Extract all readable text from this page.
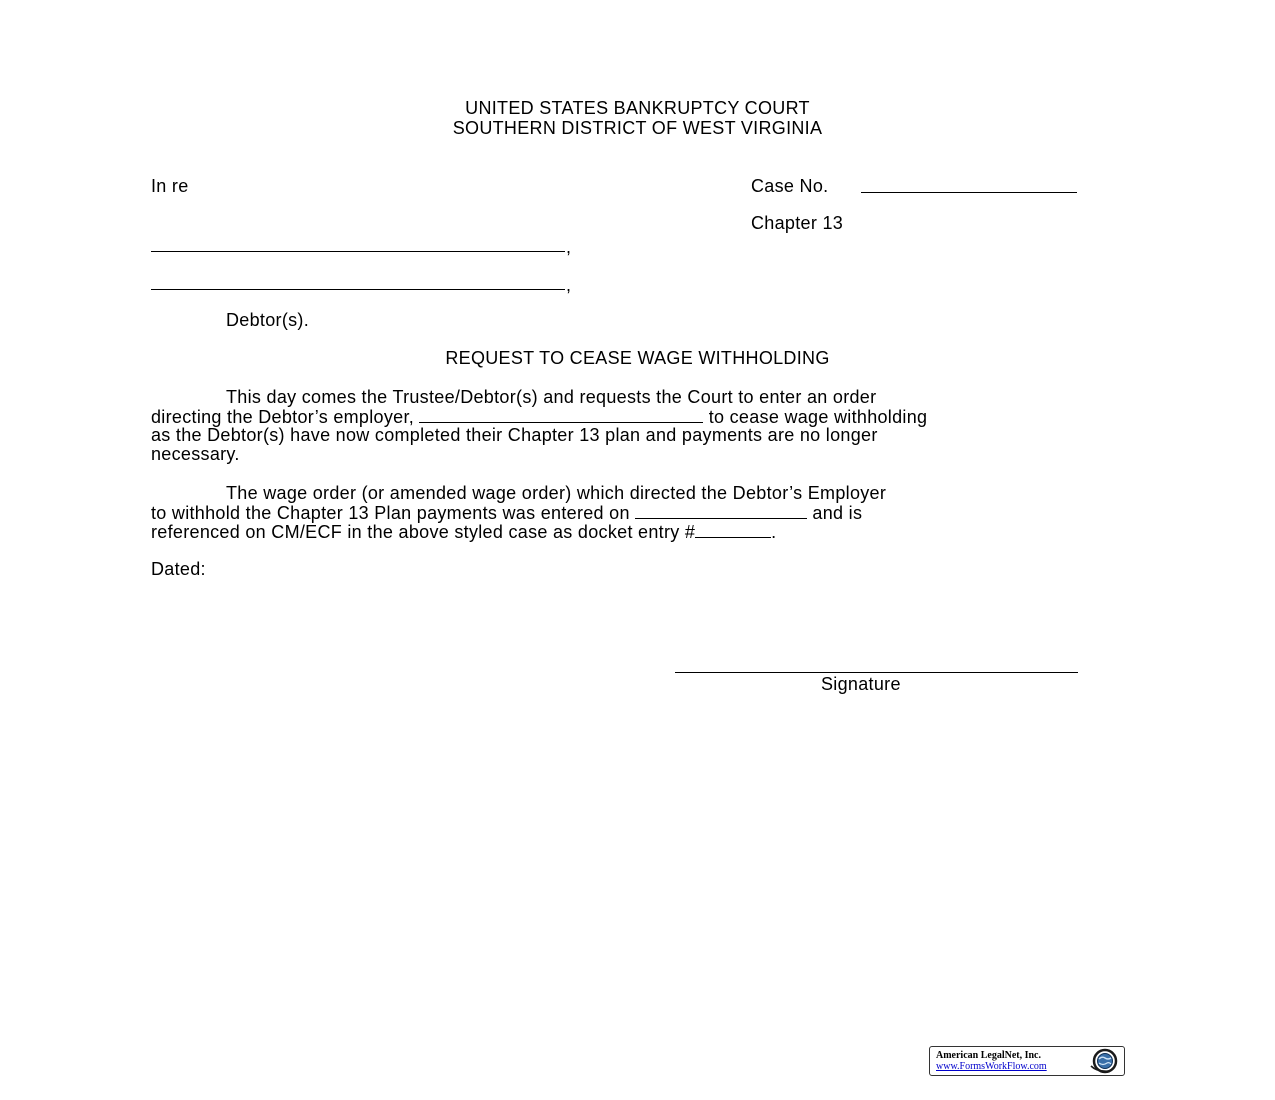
UNITED STATES BANKRUPTCY COURT
SOUTHERN DISTRICT OF WEST VIRGINIA
In re
,
,
Debtor(s).
Case No.
Chapter 13
REQUEST TO CEASE WAGE WITHHOLDING
This day comes the Trustee/Debtor(s) and requests the Court to enter an order
directing the Debtor’s employer,	to cease wage withholding
as the Debtor(s) have now completed their Chapter 13 plan and payments are no longer
necessary.
The wage order (or amended wage order) which directed the Debtor’s Employer
to withhold the Chapter 13 Plan payments was entered on	and is
referenced on CM/ECF in the above styled case as docket entry #	.
Dated:
Signature
American LegalNet, Inc.
www.FormsWorkFlow.com
